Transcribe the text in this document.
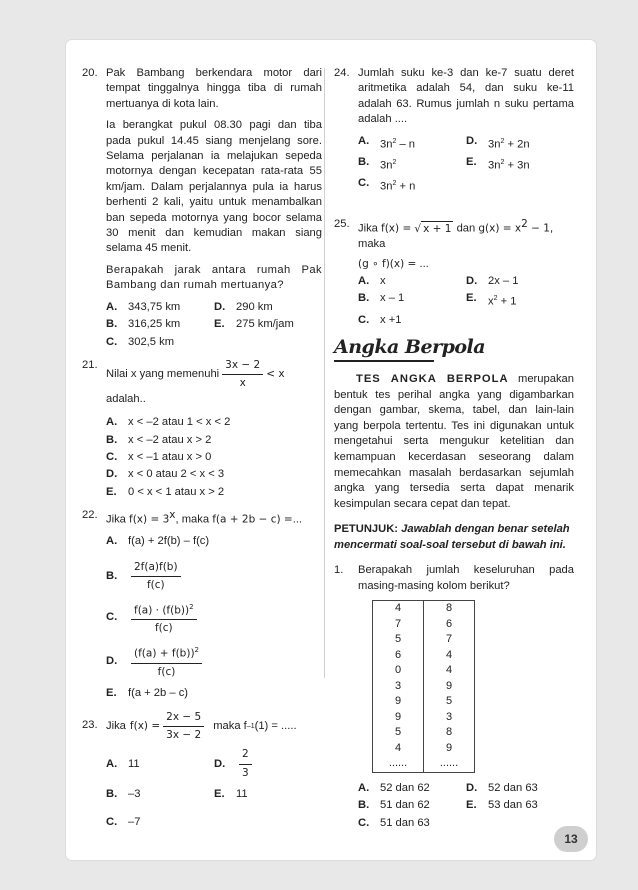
20. Pak Bambang berkendara motor dari tempat tinggalnya hingga tiba di rumah mertuanya di kota lain.

Ia berangkat pukul 08.30 pagi dan tiba pada pukul 14.45 siang menjelang sore. Selama perjalanan ia melajukan sepeda motornya dengan kecepatan rata-rata 55 km/jam. Dalam perjalannya pula ia harus berhenti 2 kali, yaitu untuk menambalkan ban sepeda motornya yang bocor selama 30 menit dan kemudian makan siang selama 45 menit.

Berapakah jarak antara rumah Pak Bambang dan rumah mertuanya?

A. 343,75 km	D. 290 km
B. 316,25 km	E.	275 km/jam
C. 302,5 km
21.
Nilai x yang memenuhi $\frac{3x - 2}{x} < x$
adalah..
A. x < –2 atau 1 < x < 2
B. x < –2 atau x > 2
C. x < –1 atau x > 0
D. x < 0 atau 2 < x < 3
E.	0 < x < 1 atau x > 2
22. Jika $f(x) = 3^x$, maka f(a + 2b − c) =...
A. f(a) + 2f(b) – f(c)
B. $\frac{2f(a)f(b)}{f(c)}$
C. $\frac{f(a) \cdot (f(b))^2}{f(c)}$
D. $\frac{(f(a) + f(b))^2}{f(c)}$
E.	f(a + 2b – c)
23. Jika $f(x) = \frac{2x - 5}{3x - 2}$ maka f –1 (1) = .....
A. 11	D. $\frac{2}{3}$
B. –3	E.	11
C. –7
24. Jumlah suku ke-3 dan ke-7 suatu deret aritmetika adalah 54, dan suku ke-11 adalah 63. Rumus jumlah n suku pertama adalah ....

A. $3n^2$ – n	D. $3n^2 + 2n$
B. $3n^2$	E.	$3n^2 + 3n$
C. $3n^2 + n$
25. Jika f(x) = √ x + 1 dan $g(x) = x^2 - 1$, maka
(g ∘ f)(x) = ...
A. x	D. 2x – 1
B. x – 1	E.	$x^2 + 1$
C. x +1
Angka Berpola

TES ANGKA BERPOLA merupakan bentuk tes perihal angka yang digambarkan dengan gambar, skema, tabel, dan lain-lain yang berpola tertentu. Tes ini digunakan untuk mengetahui serta mengukur ketelitian dan kemampuan kecerdasan seseorang dalam memecahkan masalah berdasarkan sejumlah angka yang tersedia serta dapat menarik kesimpulan secara cepat dan tepat.

PETUNJUK: Jawablah dengan benar setelah mencermati soal-soal tersebut di bawah ini.
1. Berapakah jumlah keseluruhan pada masing-masing kolom berikut?

4	8
7	6
5	7
6	4
0	4
3	9
9	5
9	3
5	8
4	9
......	......
A. 52 dan 62	D. 52 dan 63
B. 51 dan 62	E.	53 dan 63
C. 51 dan 63
13
